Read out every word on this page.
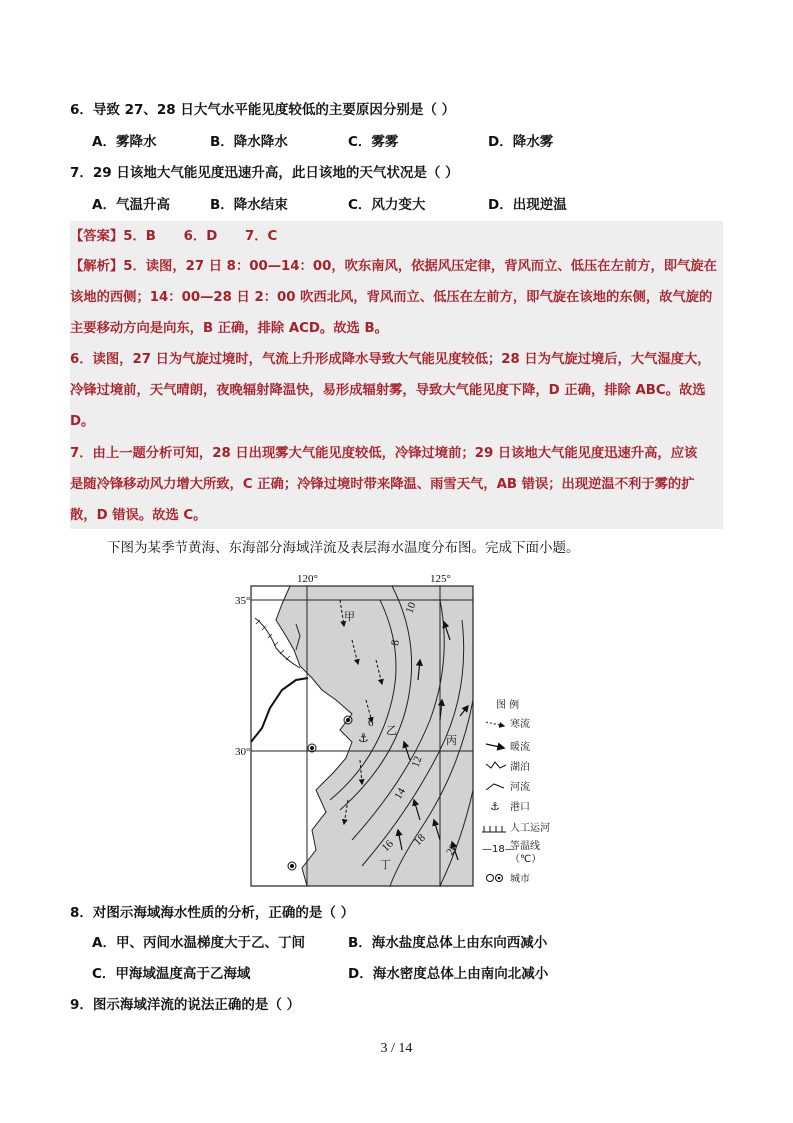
6．导致 27、28 日大气水平能见度较低的主要原因分别是（ ）
A．雾降水	B．降水降水	C．雾雾	D．降水雾
7．29 日该地大气能见度迅速升高，此日该地的天气状况是（ ）
A．气温升高	B．降水结束	C．风力变大	D．出现逆温
【答案】5．B      6．D      7．C
【解析】5．读图，27 日 8：00—14：00，吹东南风，依据风压定律，背风而立、低压在左前方，即气旋在
该地的西侧；14：00—28 日 2：00 吹西北风，背风而立、低压在左前方，即气旋在该地的东侧，故气旋的
主要移动方向是向东，B 正确，排除 ACD。故选 B。
6．读图，27 日为气旋过境时，气流上升形成降水导致大气能见度较低；28 日为气旋过境后，大气湿度大，
冷锋过境前，天气晴朗，夜晚辐射降温快，易形成辐射雾，导致大气能见度下降，D 正确，排除 ABC。故选
D。
7．由上一题分析可知，28 日出现雾大气能见度较低，冷锋过境前；29 日该地大气能见度迅速升高，应该
是随冷锋移动风力增大所致，C 正确；冷锋过境时带来降温、雨雪天气，AB 错误；出现逆温不利于雾的扩
散，D 错误。故选 C。
下图为某季节黄海、东海部分海域洋流及表层海水温度分布图。完成下面小题。
⚓
120°	125°
35°
30°
10
8
6
12
14
16 18
20
甲
乙
丙
丁
图 例
寒流
暖流
湖泊
河流
⚓ 港口
人工运河
—18—
等温线
（℃）
城市
8．对图示海域海水性质的分析，正确的是（ ）
A．甲、丙间水温梯度大于乙、丁间	B．海水盐度总体上由东向西减小
C．甲海域温度高于乙海域	D．海水密度总体上由南向北减小
9．图示海域洋流的说法正确的是（ ）
3 / 14
